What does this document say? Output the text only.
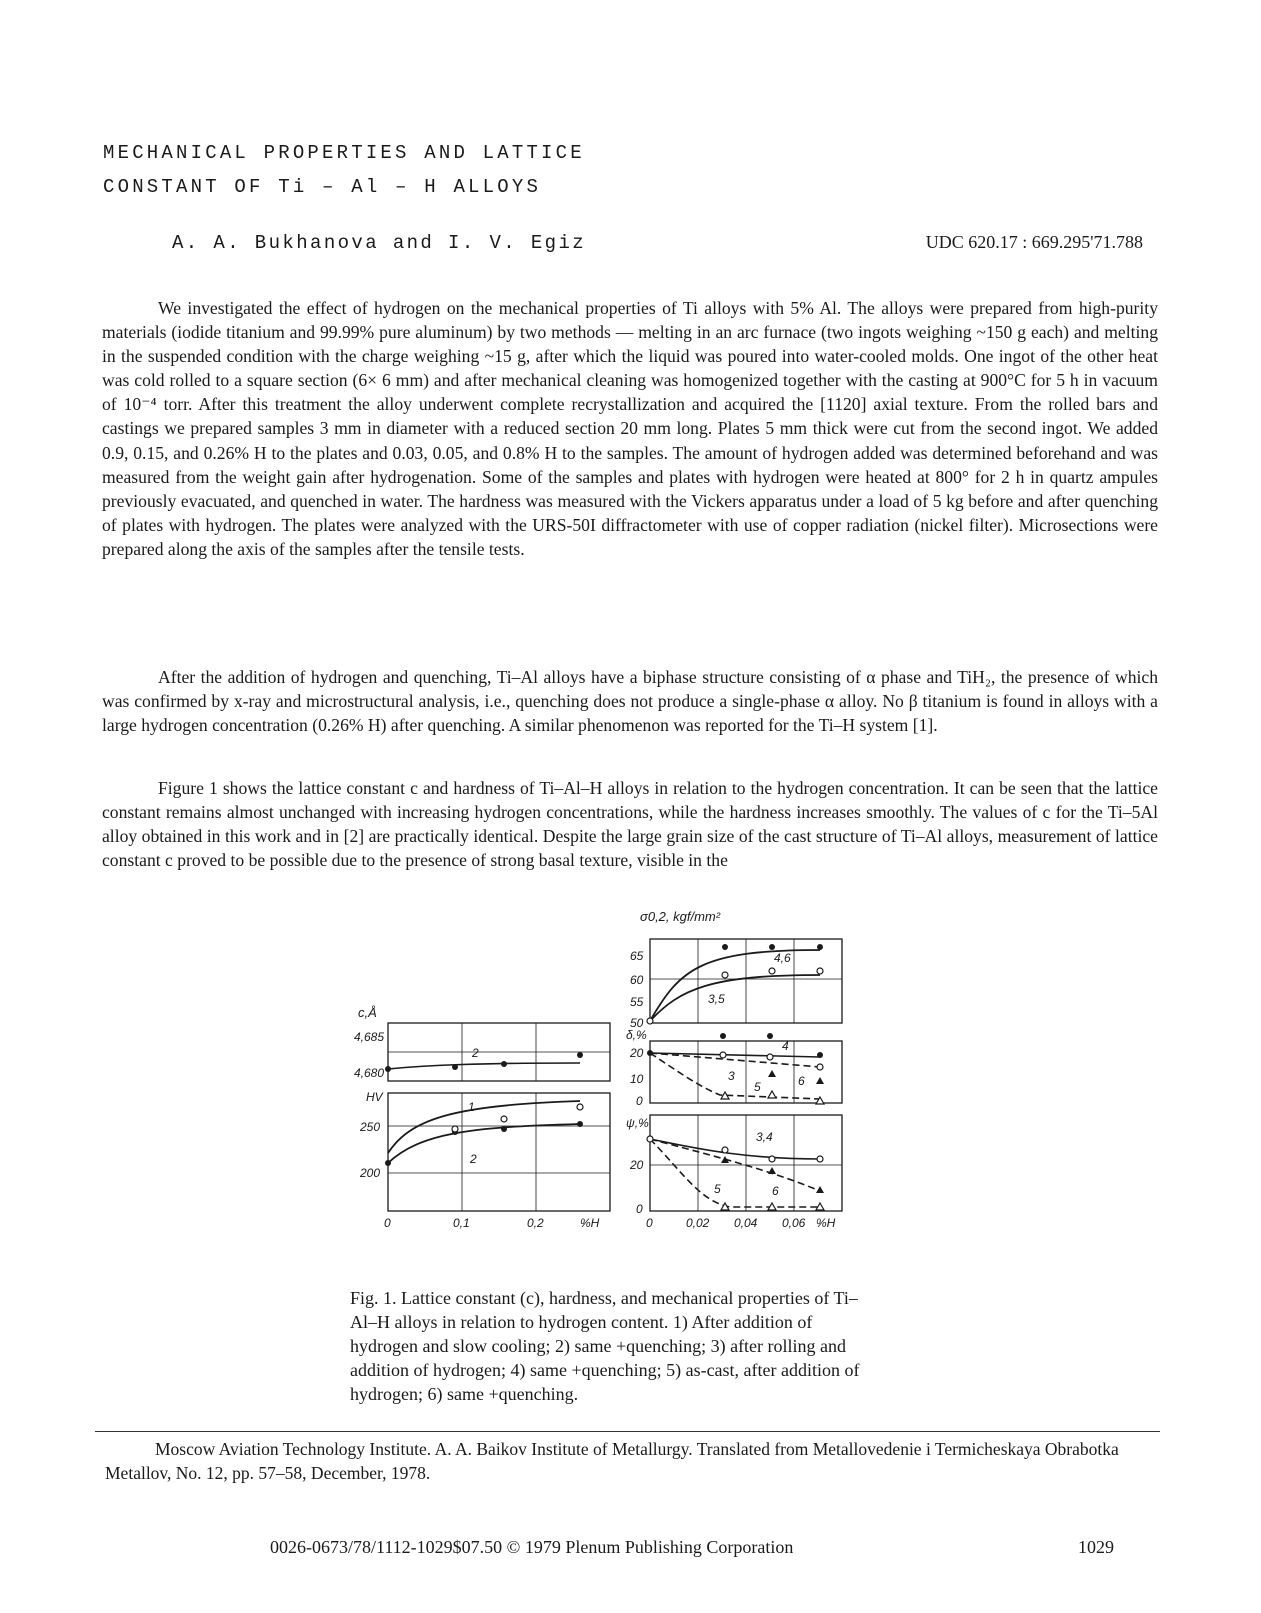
MECHANICAL PROPERTIES AND LATTICE
CONSTANT OF Ti – Al – H ALLOYS
A. A. Bukhanova and I. V. Egiz	UDC 620.17 : 669.295'71.788
We investigated the effect of hydrogen on the mechanical properties of Ti alloys with 5% Al. The alloys were prepared from high-purity materials (iodide titanium and 99.99% pure aluminum) by two methods — melting in an arc furnace (two ingots weighing ~150 g each) and melting in the suspended condition with the charge weighing ~15 g, after which the liquid was poured into water-cooled molds. One ingot of the other heat was cold rolled to a square section (6× 6 mm) and after mechanical cleaning was homogenized together with the casting at 900°C for 5 h in vacuum of 10⁻⁴ torr. After this treatment the alloy underwent complete recrystallization and acquired the [1120] axial texture. From the rolled bars and castings we prepared samples 3 mm in diameter with a reduced section 20 mm long. Plates 5 mm thick were cut from the second ingot. We added 0.9, 0.15, and 0.26% H to the plates and 0.03, 0.05, and 0.8% H to the samples. The amount of hydrogen added was determined beforehand and was measured from the weight gain after hydrogenation. Some of the samples and plates with hydrogen were heated at 800° for 2 h in quartz ampules previously evacuated, and quenched in water. The hardness was measured with the Vickers apparatus under a load of 5 kg before and after quenching of plates with hydrogen. The plates were analyzed with the URS-50I diffractometer with use of copper radiation (nickel filter). Microsections were prepared along the axis of the samples after the tensile tests.
After the addition of hydrogen and quenching, Ti–Al alloys have a biphase structure consisting of α phase and TiH₂, the presence of which was confirmed by x-ray and microstructural analysis, i.e., quenching does not produce a single-phase α alloy. No β titanium is found in alloys with a large hydrogen concentration (0.26% H) after quenching. A similar phenomenon was reported for the Ti–H system [1].
Figure 1 shows the lattice constant c and hardness of Ti–Al–H alloys in relation to the hydrogen concentration. It can be seen that the lattice constant remains almost unchanged with increasing hydrogen concentrations, while the hardness increases smoothly. The values of c for the Ti–5Al alloy obtained in this work and in [2] are practically identical. Despite the large grain size of the cast structure of Ti–Al alloys, measurement of lattice constant c proved to be possible due to the presence of strong basal texture, visible in the
c,Å
4,685
4,680
HV
250
200
0	0,1	0,2	%H
2
1
2
σ0,2, kgf/mm²
65
60
55
50
δ,%
20
10
0
ψ,%
20
0
0	0,02 0,04 0,06 %H
4,6
3,5
4
3
5	6
3,4
5	6
Fig. 1. Lattice constant (c), hardness, and mechanical properties of Ti–Al–H alloys in relation to hydrogen content. 1) After addition of hydrogen and slow cooling; 2) same +quenching; 3) after rolling and addition of hydrogen; 4) same +quenching; 5) as-cast, after addition of hydrogen; 6) same +quenching.
Moscow Aviation Technology Institute. A. A. Baikov Institute of Metallurgy. Translated from Metallovedenie i Termicheskaya Obrabotka Metallov, No. 12, pp. 57–58, December, 1978.
0026-0673/78/1112-1029$07.50 © 1979 Plenum Publishing Corporation	1029
